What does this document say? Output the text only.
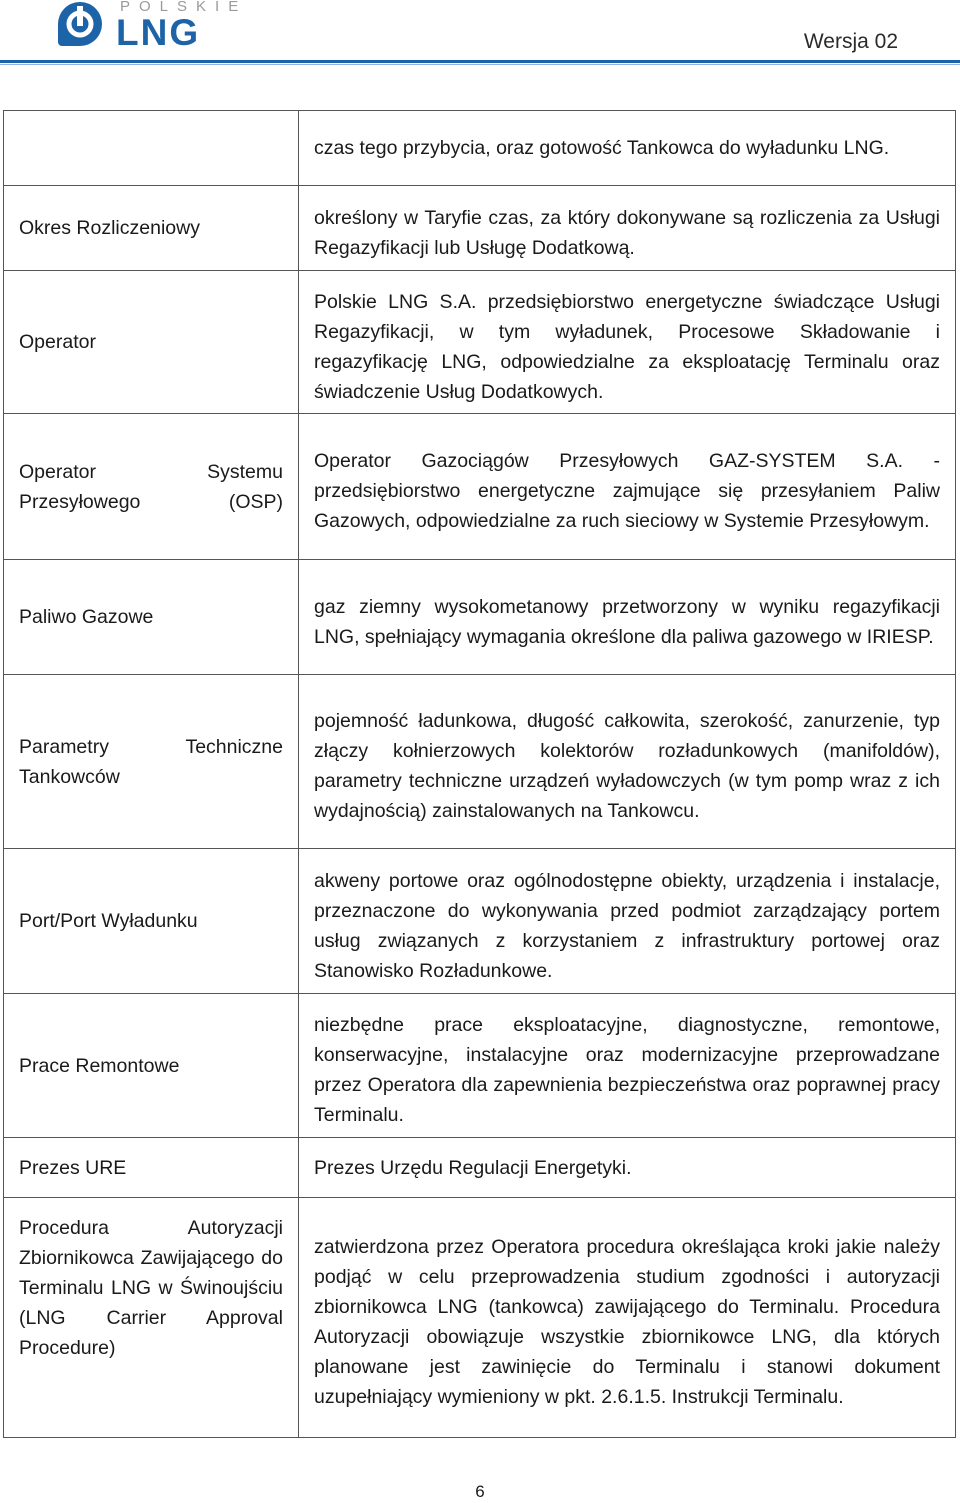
POLSKIE
LNG	Wersja 02
	czas tego przybycia, oraz gotowość Tankowca do wyładunku LNG.
Okres Rozliczeniowy	określony w Taryfie czas, za który dokonywane są rozliczenia za Usługi Regazyfikacji lub Usługę Dodatkową.
Operator	Polskie LNG S.A. przedsiębiorstwo energetyczne świadczące Usługi Regazyfikacji, w tym wyładunek, Procesowe Składowanie i regazyfikację LNG, odpowiedzialne za eksploatację Terminalu oraz świadczenie Usług Dodatkowych.
Operator Systemu Przesyłowego (OSP)	Operator Gazociągów Przesyłowych GAZ-SYSTEM S.A. - przedsiębiorstwo energetyczne zajmujące się przesyłaniem Paliw Gazowych, odpowiedzialne za ruch sieciowy w Systemie Przesyłowym.
Paliwo Gazowe	gaz ziemny wysokometanowy przetworzony w wyniku regazyfikacji LNG, spełniający wymagania określone dla paliwa gazowego w IRIESP.
Parametry Techniczne Tankowców	pojemność ładunkowa, długość całkowita, szerokość, zanurzenie, typ złączy kołnierzowych kolektorów rozładunkowych (manifoldów), parametry techniczne urządzeń wyładowczych (w tym pomp wraz z ich wydajnością) zainstalowanych na Tankowcu.
Port/Port Wyładunku	akweny portowe oraz ogólnodostępne obiekty, urządzenia i instalacje, przeznaczone do wykonywania przed podmiot zarządzający portem usług związanych z korzystaniem z infrastruktury portowej oraz Stanowisko Rozładunkowe.
Prace Remontowe	niezbędne prace eksploatacyjne, diagnostyczne, remontowe, konserwacyjne, instalacyjne oraz modernizacyjne przeprowadzane przez Operatora dla zapewnienia bezpieczeństwa oraz poprawnej pracy Terminalu.
Prezes URE	Prezes Urzędu Regulacji Energetyki.
Procedura Autoryzacji Zbiornikowca Zawijającego do Terminalu LNG w Świnoujściu (LNG Carrier Approval Procedure)	zatwierdzona przez Operatora procedura określająca kroki jakie należy podjąć w celu przeprowadzenia studium zgodności i autoryzacji zbiornikowca LNG (tankowca) zawijającego do Terminalu. Procedura Autoryzacji obowiązuje wszystkie zbiornikowce LNG, dla których planowane jest zawinięcie do Terminalu i stanowi dokument uzupełniający wymieniony w pkt. 2.6.1.5. Instrukcji Terminalu.
6
